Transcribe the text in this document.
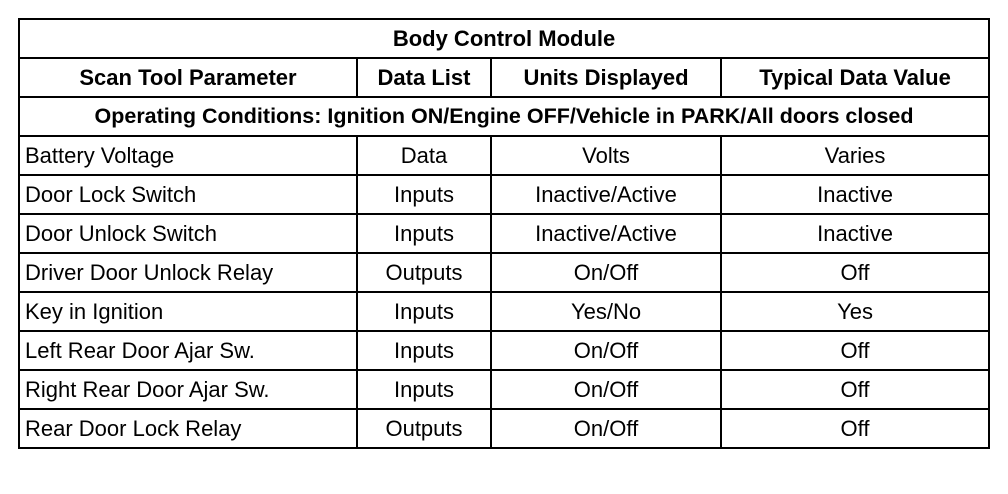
Body Control Module			
Scan Tool Parameter	Data List	Units Displayed	Typical Data Value
Operating Conditions: Ignition ON/Engine OFF/Vehicle in PARK/All doors closed			
Battery Voltage	Data	Volts	Varies
Door Lock Switch	Inputs	Inactive/Active	Inactive
Door Unlock Switch	Inputs	Inactive/Active	Inactive
Driver Door Unlock Relay	Outputs	On/Off	Off
Key in Ignition	Inputs	Yes/No	Yes
Left Rear Door Ajar Sw.	Inputs	On/Off	Off
Right Rear Door Ajar Sw.	Inputs	On/Off	Off
Rear Door Lock Relay	Outputs	On/Off	Off
